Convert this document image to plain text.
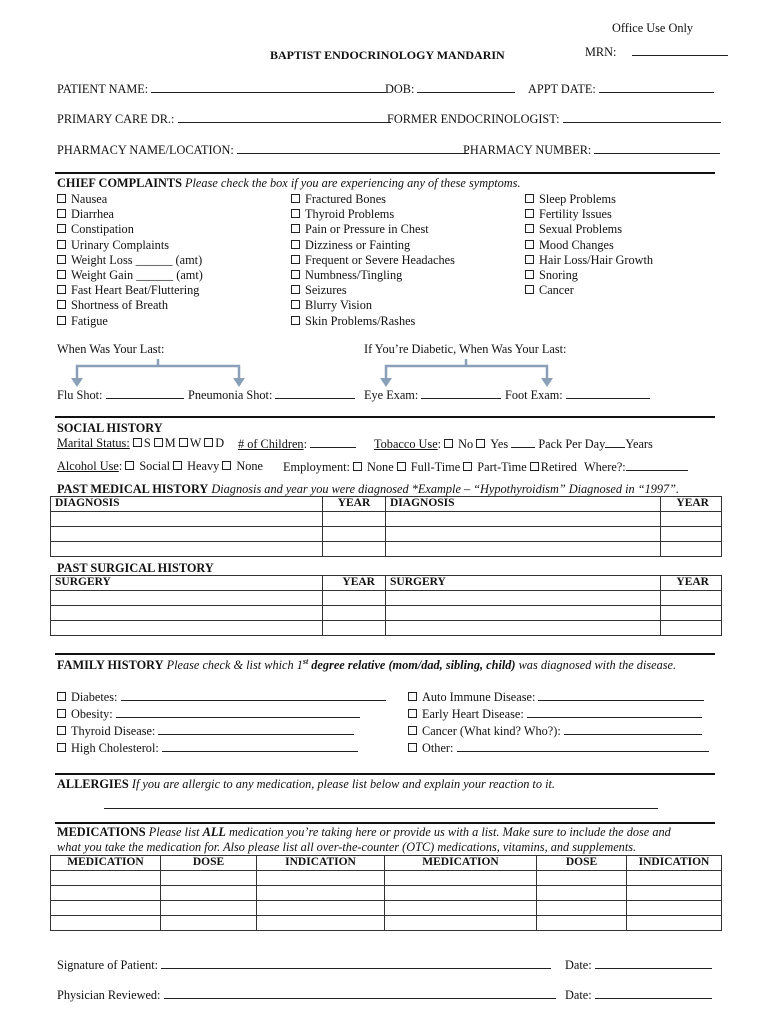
Office Use Only
BAPTIST ENDOCRINOLOGY MANDARIN	MRN:
PATIENT NAME:	DOB:	APPT DATE:
PRIMARY CARE DR.:	FORMER ENDOCRINOLOGIST:
PHARMACY NAME/LOCATION:	PHARMACY NUMBER:
CHIEF COMPLAINTS Please check the box if you are experiencing any of these symptoms.
Nausea
Diarrhea
Constipation
Urinary Complaints
Weight Loss ______ (amt)
Weight Gain ______ (amt)
Fast Heart Beat/Fluttering
Shortness of Breath
Fatigue
Fractured Bones
Thyroid Problems
Pain or Pressure in Chest
Dizziness or Fainting
Frequent or Severe Headaches
Numbness/Tingling
Seizures
Blurry Vision
Skin Problems/Rashes
Sleep Problems
Fertility Issues
Sexual Problems
Mood Changes
Hair Loss/Hair Growth
Snoring
Cancer
When Was Your Last:	If You’re Diabetic, When Was Your Last:
Flu Shot:	Pneumonia Shot:	Eye Exam:	Foot Exam:
SOCIAL HISTORY
Marital Status: S M W D # of Children:	Tobacco Use: No Yes Pack Per Day Years
Alcohol Use: Social Heavy None Employment: None Full-Time Part-Time Retired Where?:
PAST MEDICAL HISTORY Diagnosis and year you were diagnosed *Example – “Hypothyroidism” Diagnosed in “1997”.
DIAGNOSIS	YEAR	DIAGNOSIS	YEAR

PAST SURGICAL HISTORY
SURGERY	YEAR	SURGERY	YEAR

FAMILY HISTORY Please check & list which 1st degree relative (mom/dad, sibling, child) was diagnosed with the disease.
Diabetes:
Obesity:
Thyroid Disease:
High Cholesterol:
Auto Immune Disease:
Early Heart Disease:
Cancer (What kind? Who?):
Other:
ALLERGIES If you are allergic to any medication, please list below and explain your reaction to it.
MEDICATIONS Please list ALL medication you’re taking here or provide us with a list. Make sure to include the dose and
what you take the medication for. Also please list all over-the-counter (OTC) medications, vitamins, and supplements.
MEDICATION	DOSE	INDICATION	MEDICATION	DOSE	INDICATION

Signature of Patient:	Date:
Physician Reviewed:	Date:
